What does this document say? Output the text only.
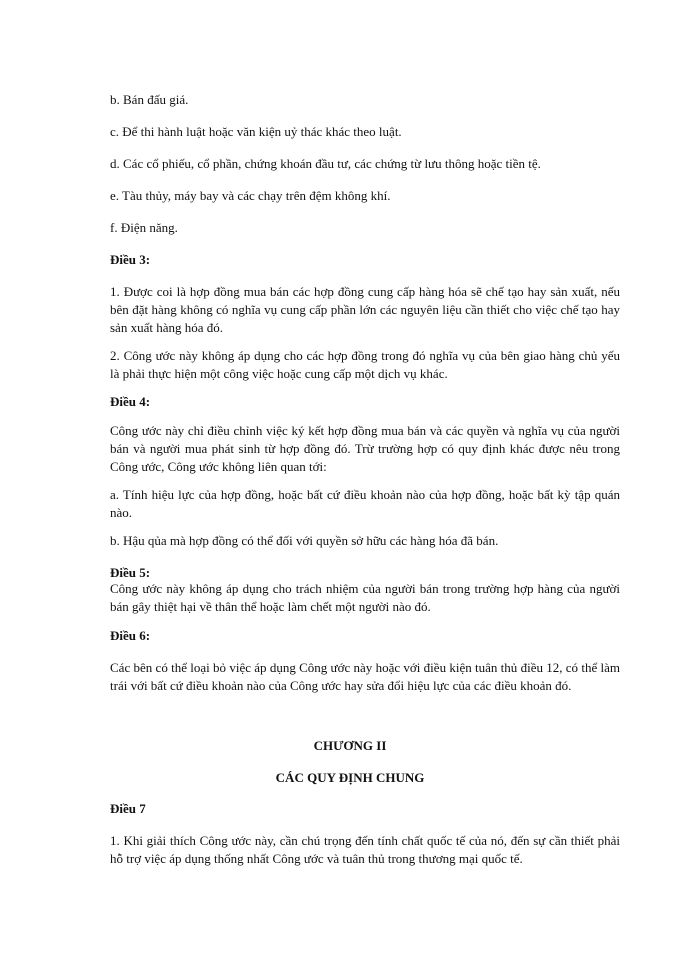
b. Bán đấu giá.

c. Để thi hành luật hoặc văn kiện uỷ thác khác theo luật.

d. Các cổ phiếu, cổ phần, chứng khoán đầu tư, các chứng từ lưu thông hoặc tiền tệ.

e. Tàu thủy, máy bay và các chạy trên đệm không khí.

f. Điện năng.

Điều 3:

1. Được coi là hợp đồng mua bán các hợp đồng cung cấp hàng hóa sẽ chế tạo hay sản xuất, nếu bên đặt hàng không có nghĩa vụ cung cấp phần lớn các nguyên liệu cần thiết cho việc chế tạo hay sản xuất hàng hóa đó.

2. Công ước này không áp dụng cho các hợp đồng trong đó nghĩa vụ của bên giao hàng chủ yếu là phải thực hiện một công việc hoặc cung cấp một dịch vụ khác.

Điều 4:

Công ước này chỉ điều chỉnh việc ký kết hợp đồng mua bán và các quyền và nghĩa vụ của người bán và người mua phát sinh từ hợp đồng đó. Trừ trường hợp có quy định khác được nêu trong Công ước, Công ước không liên quan tới:

a. Tính hiệu lực của hợp đồng, hoặc bất cứ điều khoản nào của hợp đồng, hoặc bất kỳ tập quán nào.

b. Hậu qủa mà hợp đồng có thể đối với quyền sở hữu các hàng hóa đã bán.

Điều 5:

Công ước này không áp dụng cho trách nhiệm của người bán trong trường hợp hàng của người bán gây thiệt hại về thân thể hoặc làm chết một người nào đó.

Điều 6:

Các bên có thể loại bỏ việc áp dụng Công ước này hoặc với điều kiện tuân thủ điều 12, có thể làm trái với bất cứ điều khoản nào của Công ước hay sửa đổi hiệu lực của các điều khoản đó.

CHƯƠNG II

CÁC QUY ĐỊNH CHUNG

Điều 7

1. Khi giải thích Công ước này, cần chú trọng đến tính chất quốc tế của nó, đến sự cần thiết phải hỗ trợ việc áp dụng thống nhất Công ước và tuân thủ trong thương mại quốc tế.
